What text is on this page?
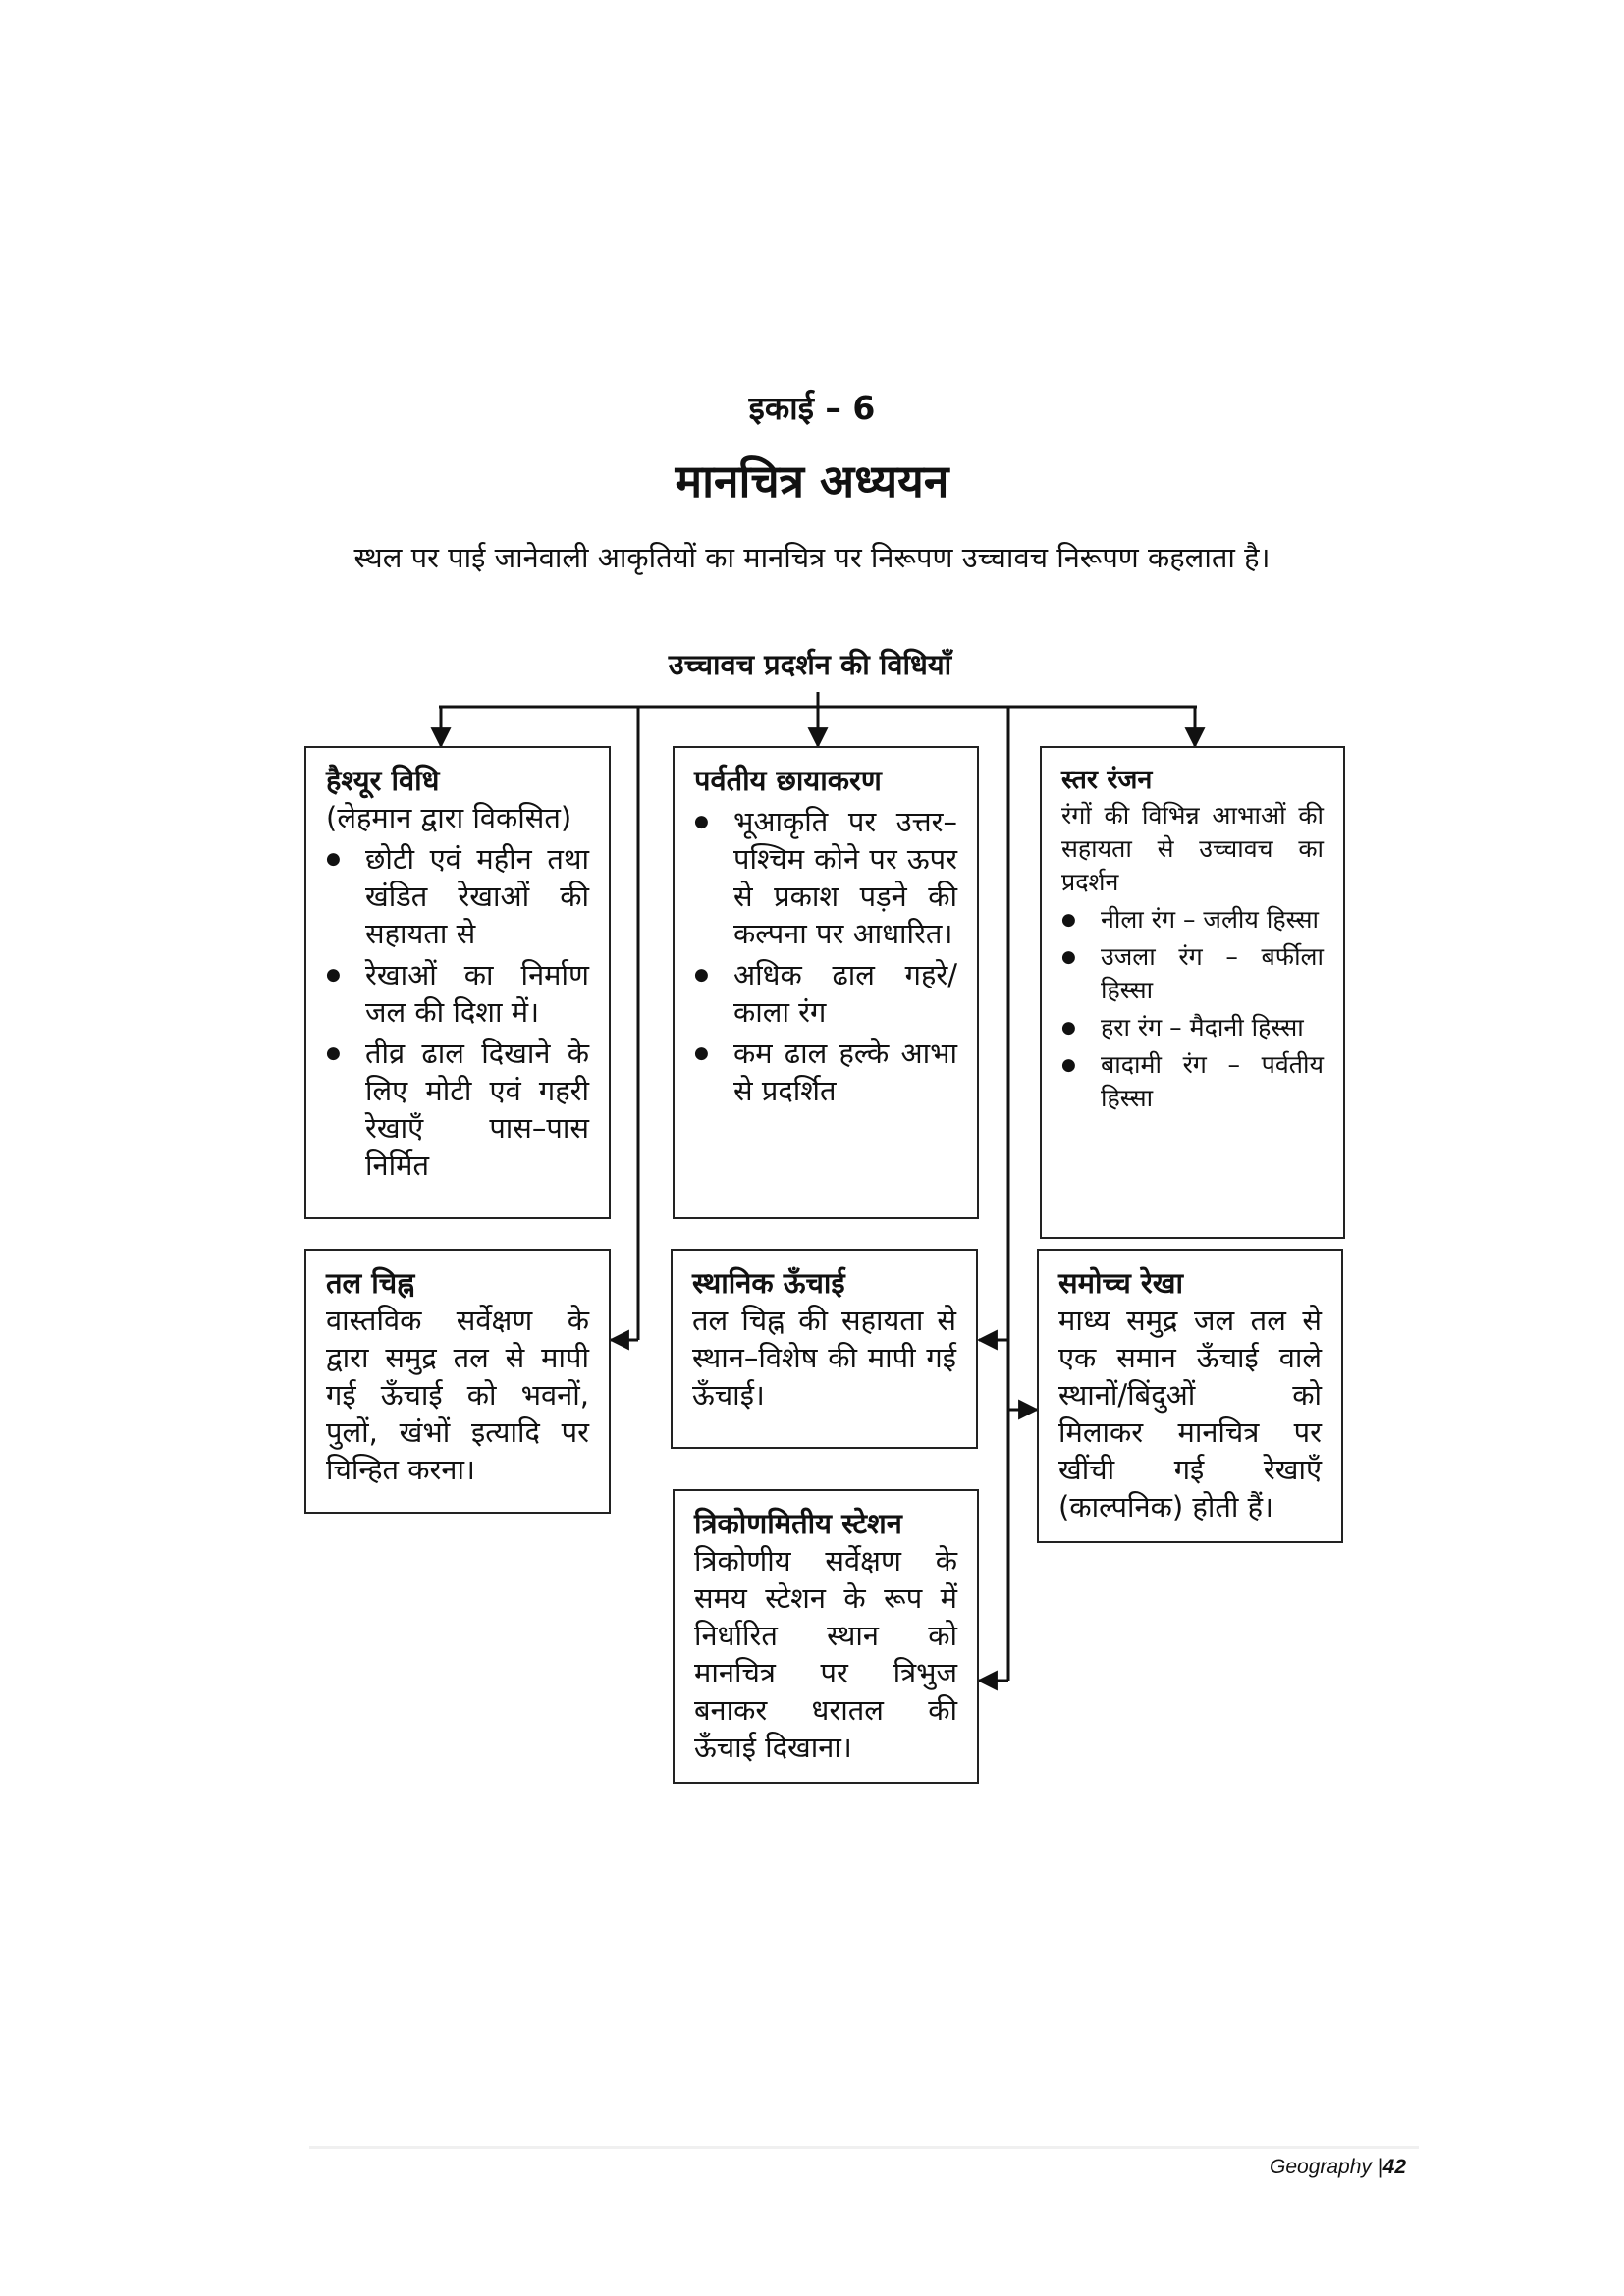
इकाई – 6
मानचित्र अध्ययन
स्थल पर पाई जानेवाली आकृतियों का मानचित्र पर निरूपण उच्चावच निरूपण कहलाता है।
उच्चावच प्रदर्शन की विधियाँ
हैश्यूर विधि
(लेहमान द्वारा विकसित)
● छोटी एवं महीन तथा खंडित रेखाओं की सहायता से
● रेखाओं का निर्माण जल की दिशा में।
● तीव्र ढाल दिखाने के लिए मोटी एवं गहरी रेखाएँ पास–पास निर्मित
पर्वतीय छायाकरण
● भूआकृति पर उत्तर–पश्चिम कोने पर ऊपर से प्रकाश पड़ने की कल्पना पर आधारित।
● अधिक ढाल गहरे/काला रंग
● कम ढाल हल्के आभा से प्रदर्शित
स्तर रंजन

रंगों की विभिन्न आभाओं की सहायता से उच्चावच का प्रदर्शन

● नीला रंग – जलीय हिस्सा
● उजला रंग – बर्फीला हिस्सा
● हरा रंग – मैदानी हिस्सा
● बादामी रंग – पर्वतीय हिस्सा
तल चिह्न

वास्तविक सर्वेक्षण के द्वारा समुद्र तल से मापी गई ऊँचाई को भवनों, पुलों, खंभों इत्यादि पर चिन्हित करना।

स्थानिक ऊँचाई

तल चिह्न की सहायता से स्थान–विशेष की मापी गई ऊँचाई।

समोच्च रेखा

माध्य समुद्र जल तल से एक समान ऊँचाई वाले स्थानों/बिंदुओं को मिलाकर मानचित्र पर खींची गई रेखाएँ (काल्पनिक) होती हैं।

त्रिकोणमितीय स्टेशन

त्रिकोणीय सर्वेक्षण के समय स्टेशन के रूप में निर्धारित स्थान को मानचित्र पर त्रिभुज बनाकर धरातल की ऊँचाई दिखाना।

Geography |42
